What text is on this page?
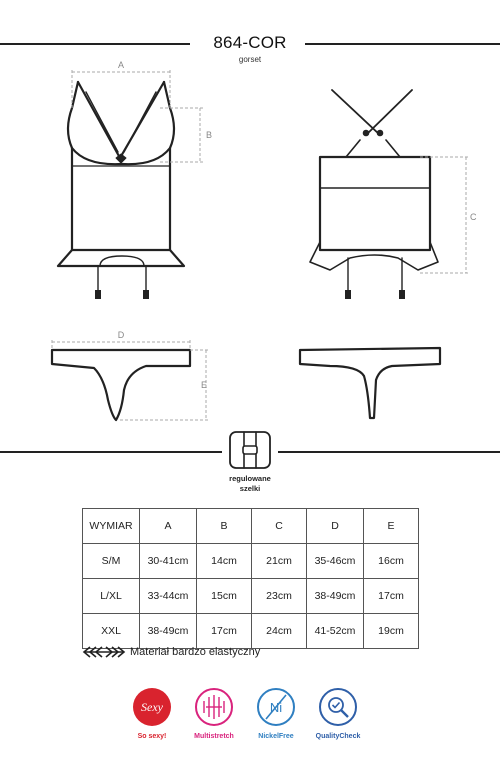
864-COR
gorset
A
B
C
D
E
regulowane
szelki
WYMIAR	A	B	C	D	E
S/M	30-41cm	14cm	21cm	35-46cm	16cm
L/XL	33-44cm	15cm	23cm	38-49cm	17cm
XXL	38-49cm	17cm	24cm	41-52cm	19cm
Materiał bardzo elastyczny
Sexy
So sexy!	Multistretch
Ni
NickelFree	QualityCheck
